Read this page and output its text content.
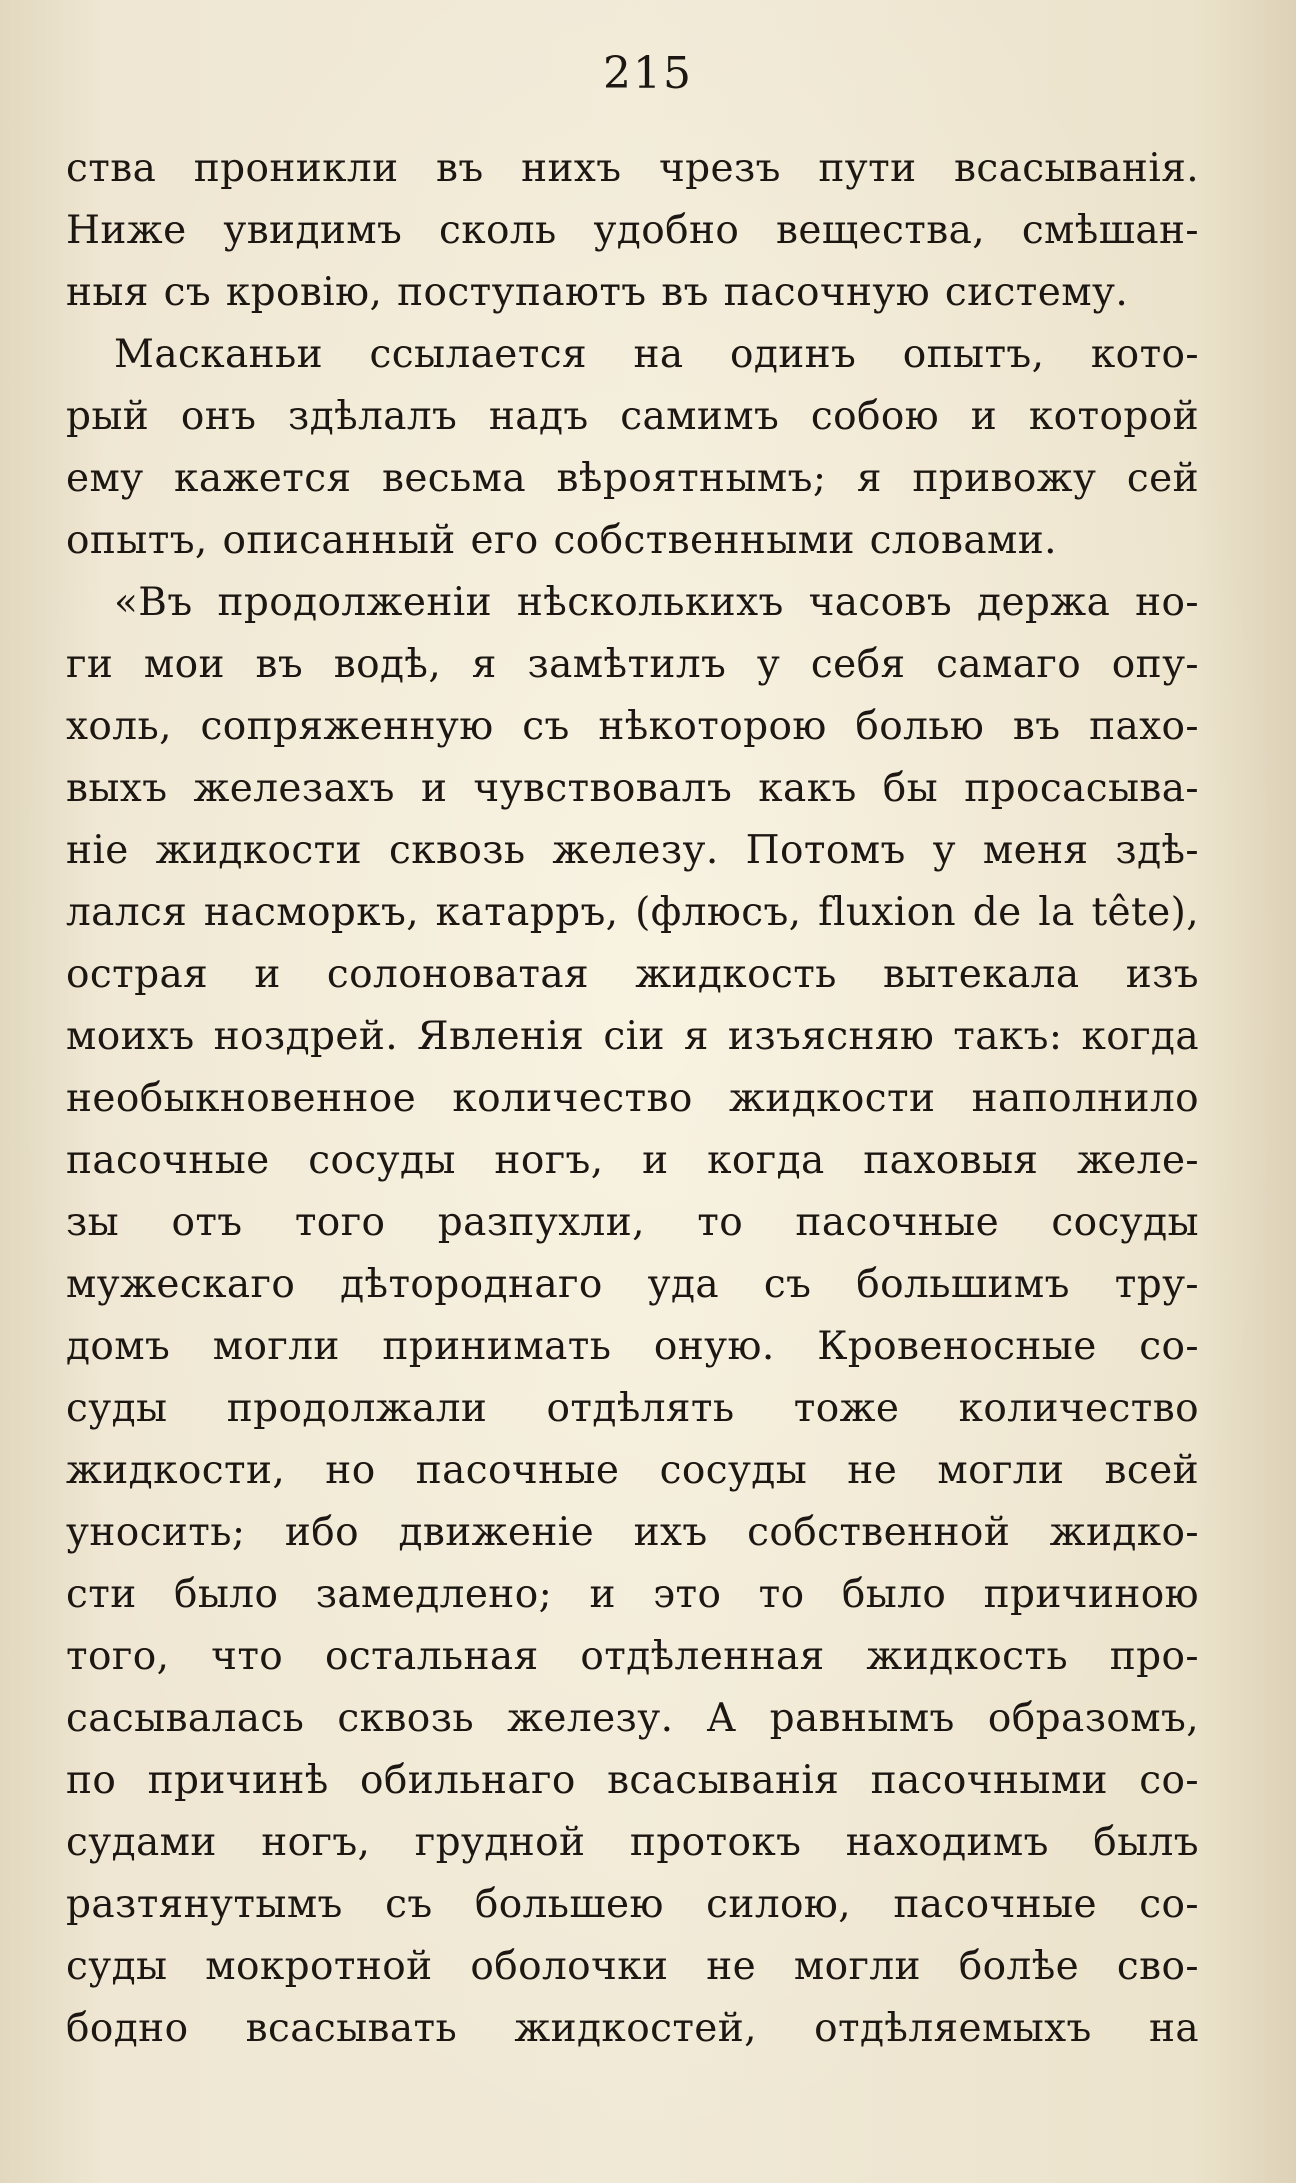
215
ства проникли въ нихъ чрезъ пути всасыванія.
Ниже увидимъ сколь удобно вещества, смѣшан-
ныя съ кровію, поступаютъ въ пасочную систему.
Масканьи ссылается на одинъ опытъ, кото-
рый онъ здѣлалъ надъ самимъ собою и которой
ему кажется весьма вѣроятнымъ; я привожу сей
опытъ, описанный его собственными словами.
«Въ продолженіи нѣсколькихъ часовъ держа но-
ги мои въ водѣ, я замѣтилъ у себя самаго опу-
холь, сопряженную съ нѣкоторою болью въ пахо-
выхъ железахъ и чувствовалъ какъ бы просасыва-
ніе жидкости сквозь железу. Потомъ у меня здѣ-
лался насморкъ, катарръ, (флюсъ, fluxion de la tête),
острая и солоноватая жидкость вытекала изъ
моихъ ноздрей. Явленія сіи я изъясняю такъ: когда
необыкновенное количество жидкости наполнило
пасочные сосуды ногъ, и когда паховыя желе-
зы отъ того разпухли, то пасочные сосуды
мужескаго дѣтороднаго уда съ большимъ тру-
домъ могли принимать оную. Кровеносные со-
суды продолжали отдѣлять тоже количество
жидкости, но пасочные сосуды не могли всей
уносить; ибо движеніе ихъ собственной жидко-
сти было замедлено; и это то было причиною
того, что остальная отдѣленная жидкость про-
сасывалась сквозь железу. А равнымъ образомъ,
по причинѣ обильнаго всасыванія пасочными со-
судами ногъ, грудной протокъ находимъ былъ
разтянутымъ съ большею силою, пасочные со-
суды мокротной оболочки не могли болѣе сво-
бодно всасывать жидкостей, отдѣляемыхъ на
